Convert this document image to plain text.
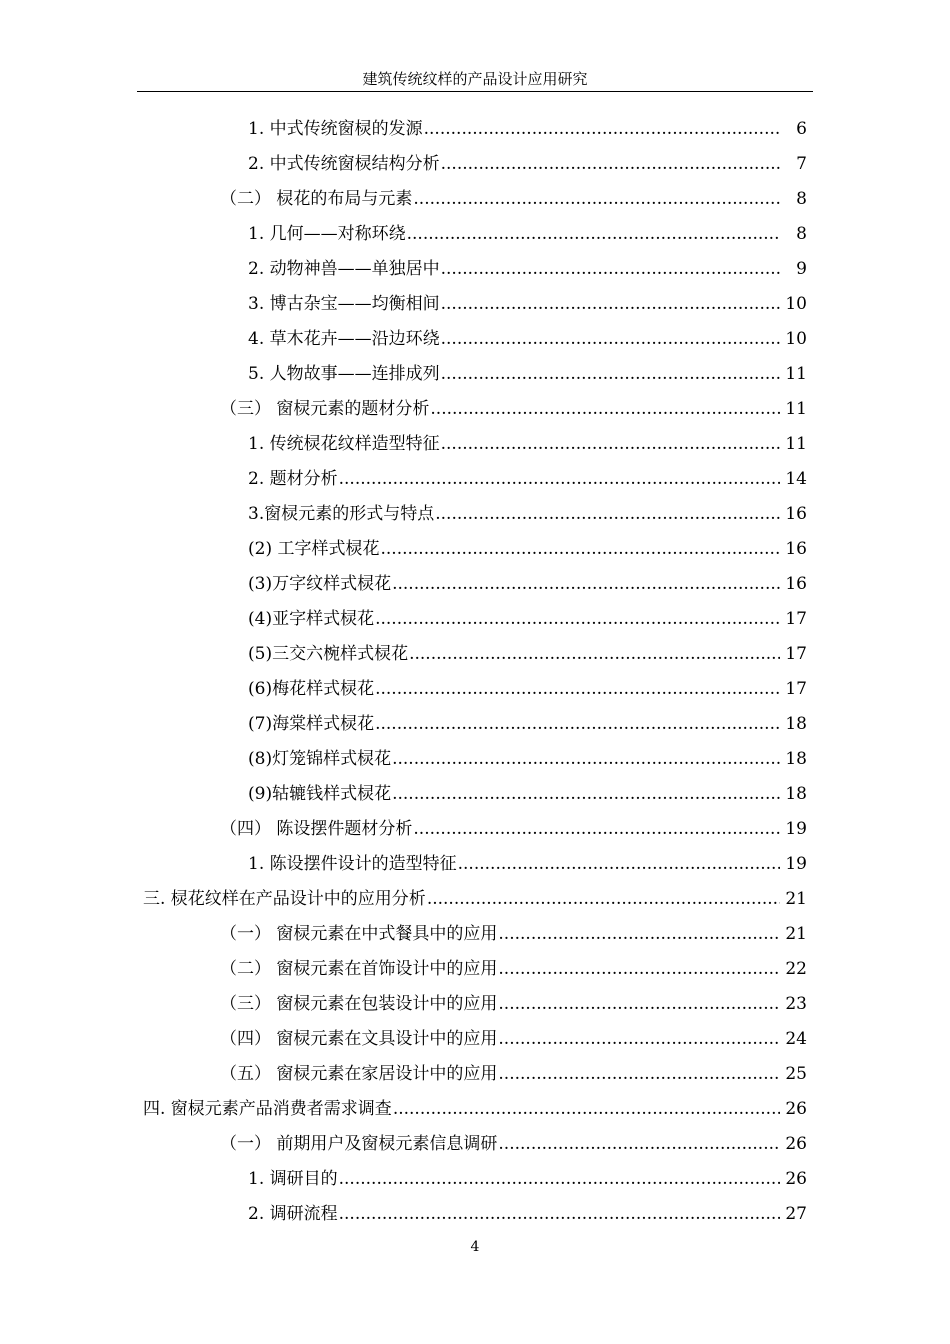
建筑传统纹样的产品设计应用研究
1. 中式传统窗棂的发源 .....	6
2. 中式传统窗棂结构分析 .....	7
（二） 棂花的布局与元素 .....	8
1. 几何——对称环绕 .....	8
2. 动物神兽——单独居中 .....	9
3. 博古杂宝——均衡相间 .....	10
4. 草木花卉——沿边环绕 .....	10
5. 人物故事——连排成列 .....	11
（三） 窗棂元素的题材分析 .....	11
1. 传统棂花纹样造型特征 .....	11
2. 题材分析 .....	14
3.窗棂元素的形式与特点 .....	16
(2) 工字样式棂花 .....	16
(3)万字纹样式棂花 .....	16
(4)亚字样式棂花 .....	17
(5)三交六椀样式棂花 .....	17
(6)梅花样式棂花 .....	17
(7)海棠样式棂花 .....	18
(8)灯笼锦样式棂花 .....	18
(9)轱辘钱样式棂花 .....	18
（四） 陈设摆件题材分析 .....	19
1. 陈设摆件设计的造型特征 .....	19
三. 棂花纹样在产品设计中的应用分析 .....	21
（一） 窗棂元素在中式餐具中的应用 .....	21
（二） 窗棂元素在首饰设计中的应用 .....	22
（三） 窗棂元素在包装设计中的应用 .....	23
（四） 窗棂元素在文具设计中的应用 .....	24
（五） 窗棂元素在家居设计中的应用 .....	25
四. 窗棂元素产品消费者需求调查 .....	26
（一） 前期用户及窗棂元素信息调研 .....	26
1. 调研目的 .....	26
2. 调研流程 .....	27
4
